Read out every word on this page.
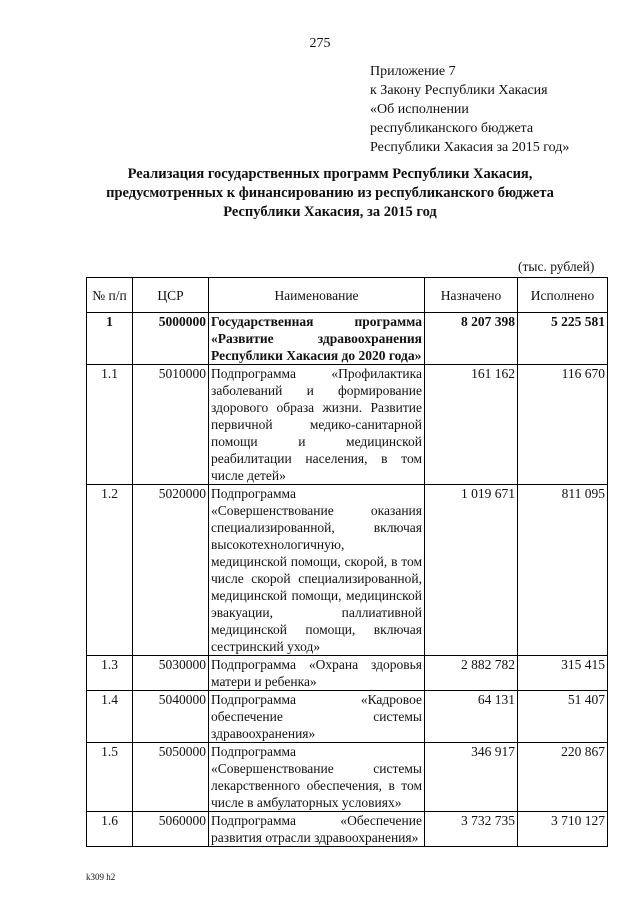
275
Приложение 7
к Закону Республики Хакасия
«Об исполнении
республиканского бюджета
Республики Хакасия за 2015 год»
Реализация государственных программ Республики Хакасия,
предусмотренных к финансированию из республиканского бюджета
Республики Хакасия, за 2015 год
(тыс. рублей)
№ п/п	ЦСР	Наименование	Назначено	Исполнено
1	5000000	Государственная программа «Развитие здравоохранения Республики Хакасия до 2020 года»	8 207 398	5 225 581
1.1	5010000	Подпрограмма «Профилактика заболеваний и формирование здорового образа жизни. Развитие первичной медико-санитарной помощи и медицинской реабилитации населения, в том числе детей»	161 162	116 670
1.2	5020000	Подпрограмма «Совершенствование оказания специализированной, включая высокотехнологичную, медицинской помощи, скорой, в том числе скорой специализированной, медицинской помощи, медицинской эвакуации, паллиативной медицинской помощи, включая сестринский уход»	1 019 671	811 095
1.3	5030000	Подпрограмма «Охрана здоровья матери и ребенка»	2 882 782	315 415
1.4	5040000	Подпрограмма «Кадровое обеспечение системы здравоохранения»	64 131	51 407
1.5	5050000	Подпрограмма «Совершенствование системы лекарственного обеспечения, в том числе в амбулаторных условиях»	346 917	220 867
1.6	5060000	Подпрограмма «Обеспечение развития отрасли здравоохранения»	3 732 735	3 710 127
k309 h2
